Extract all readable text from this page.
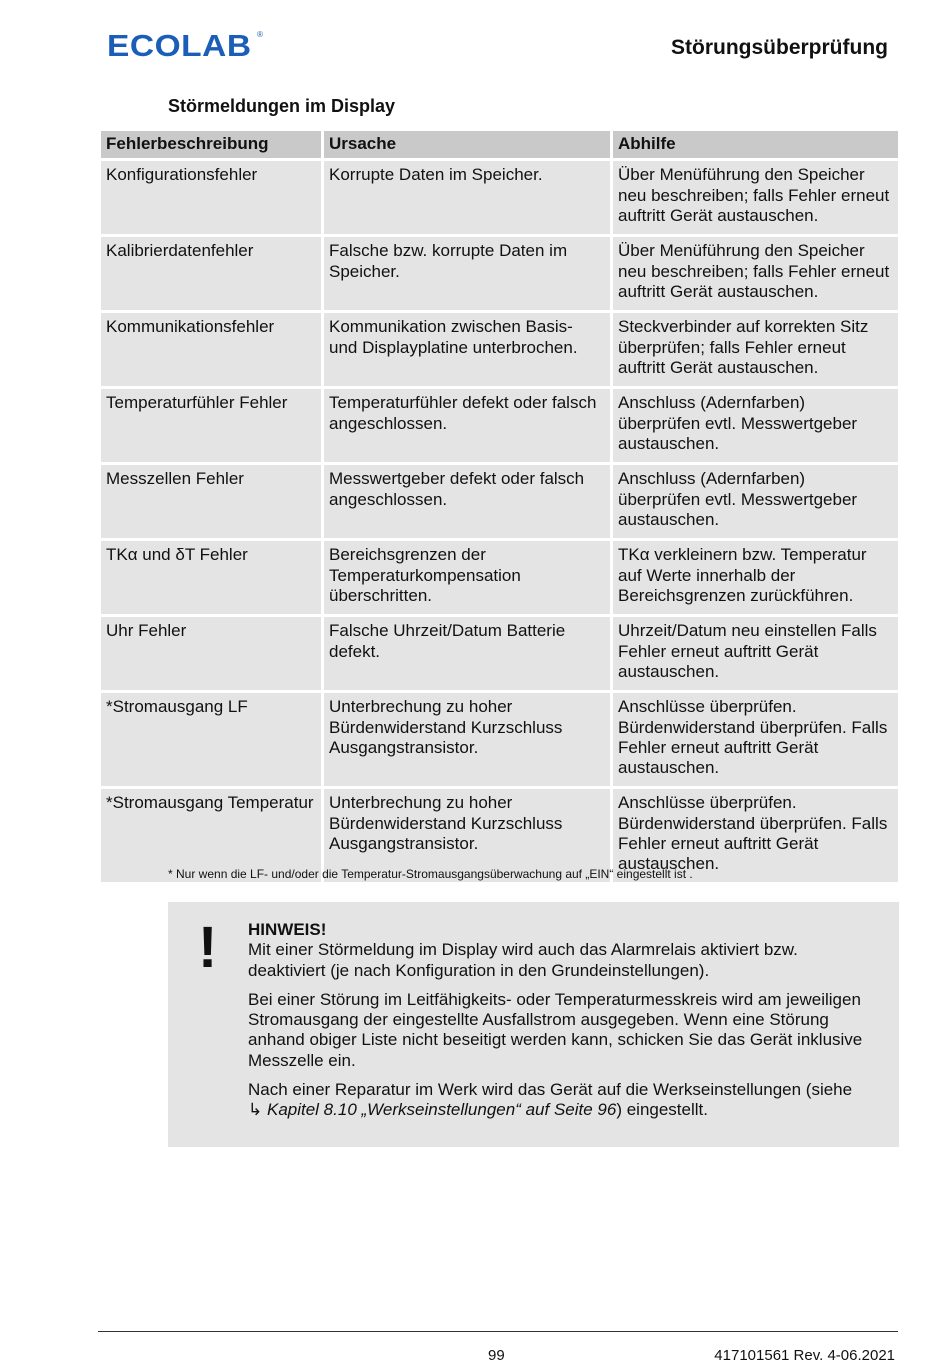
ECOLAB ®
Störungsüberprüfung
Störmeldungen im Display
Fehlerbeschreibung	Ursache	Abhilfe
Konfigurationsfehler	Korrupte Daten im Speicher.	Über Menüführung den Speicher neu beschreiben; falls Fehler erneut auftritt Gerät austauschen.
Kalibrierdatenfehler	Falsche bzw. korrupte Daten im Speicher.	Über Menüführung den Speicher neu beschreiben; falls Fehler erneut auftritt Gerät austauschen.
Kommunikationsfehler	Kommunikation zwischen Basis- und Displayplatine unterbrochen.	Steckverbinder auf korrekten Sitz überprüfen; falls Fehler erneut auftritt Gerät austauschen.
Temperaturfühler Fehler	Temperaturfühler defekt oder falsch angeschlossen.	Anschluss (Adernfarben) überprüfen evtl. Messwertgeber austauschen.
Messzellen Fehler	Messwertgeber defekt oder falsch angeschlossen.	Anschluss (Adernfarben) überprüfen evtl. Messwertgeber austauschen.
TKα und δT Fehler	Bereichsgrenzen der Temperaturkompensation überschritten.	TKα verkleinern bzw. Temperatur auf Werte innerhalb der Bereichsgrenzen zurückführen.
Uhr Fehler	Falsche Uhrzeit/Datum Batterie defekt.	Uhrzeit/Datum neu einstellen Falls Fehler erneut auftritt Gerät austauschen.
*Stromausgang LF	Unterbrechung zu hoher Bürdenwiderstand Kurzschluss Ausgangstransistor.	Anschlüsse überprüfen. Bürdenwiderstand überprüfen. Falls Fehler erneut auftritt Gerät austauschen.
*Stromausgang Temperatur	Unterbrechung zu hoher Bürdenwiderstand Kurzschluss Ausgangstransistor.	Anschlüsse überprüfen. Bürdenwiderstand überprüfen. Falls Fehler erneut auftritt Gerät austauschen.
* Nur wenn die LF- und/oder die Temperatur-Stromausgangsüberwachung auf „EIN“ eingestellt ist .
! HINWEIS!

Mit einer Störmeldung im Display wird auch das Alarmrelais aktiviert bzw. deaktiviert (je nach Konfiguration in den Grundeinstellungen).

Bei einer Störung im Leitfähigkeits- oder Temperaturmesskreis wird am jeweiligen Stromausgang der eingestellte Ausfallstrom ausgegeben. Wenn eine Störung anhand obiger Liste nicht beseitigt werden kann, schicken Sie das Gerät inklusive Messzelle ein.

Nach einer Reparatur im Werk wird das Gerät auf die Werkseinstellungen (siehe ↳ Kapitel 8.10 „Werkseinstellungen“ auf Seite 96) eingestellt.

99	417101561 Rev. 4-06.2021
